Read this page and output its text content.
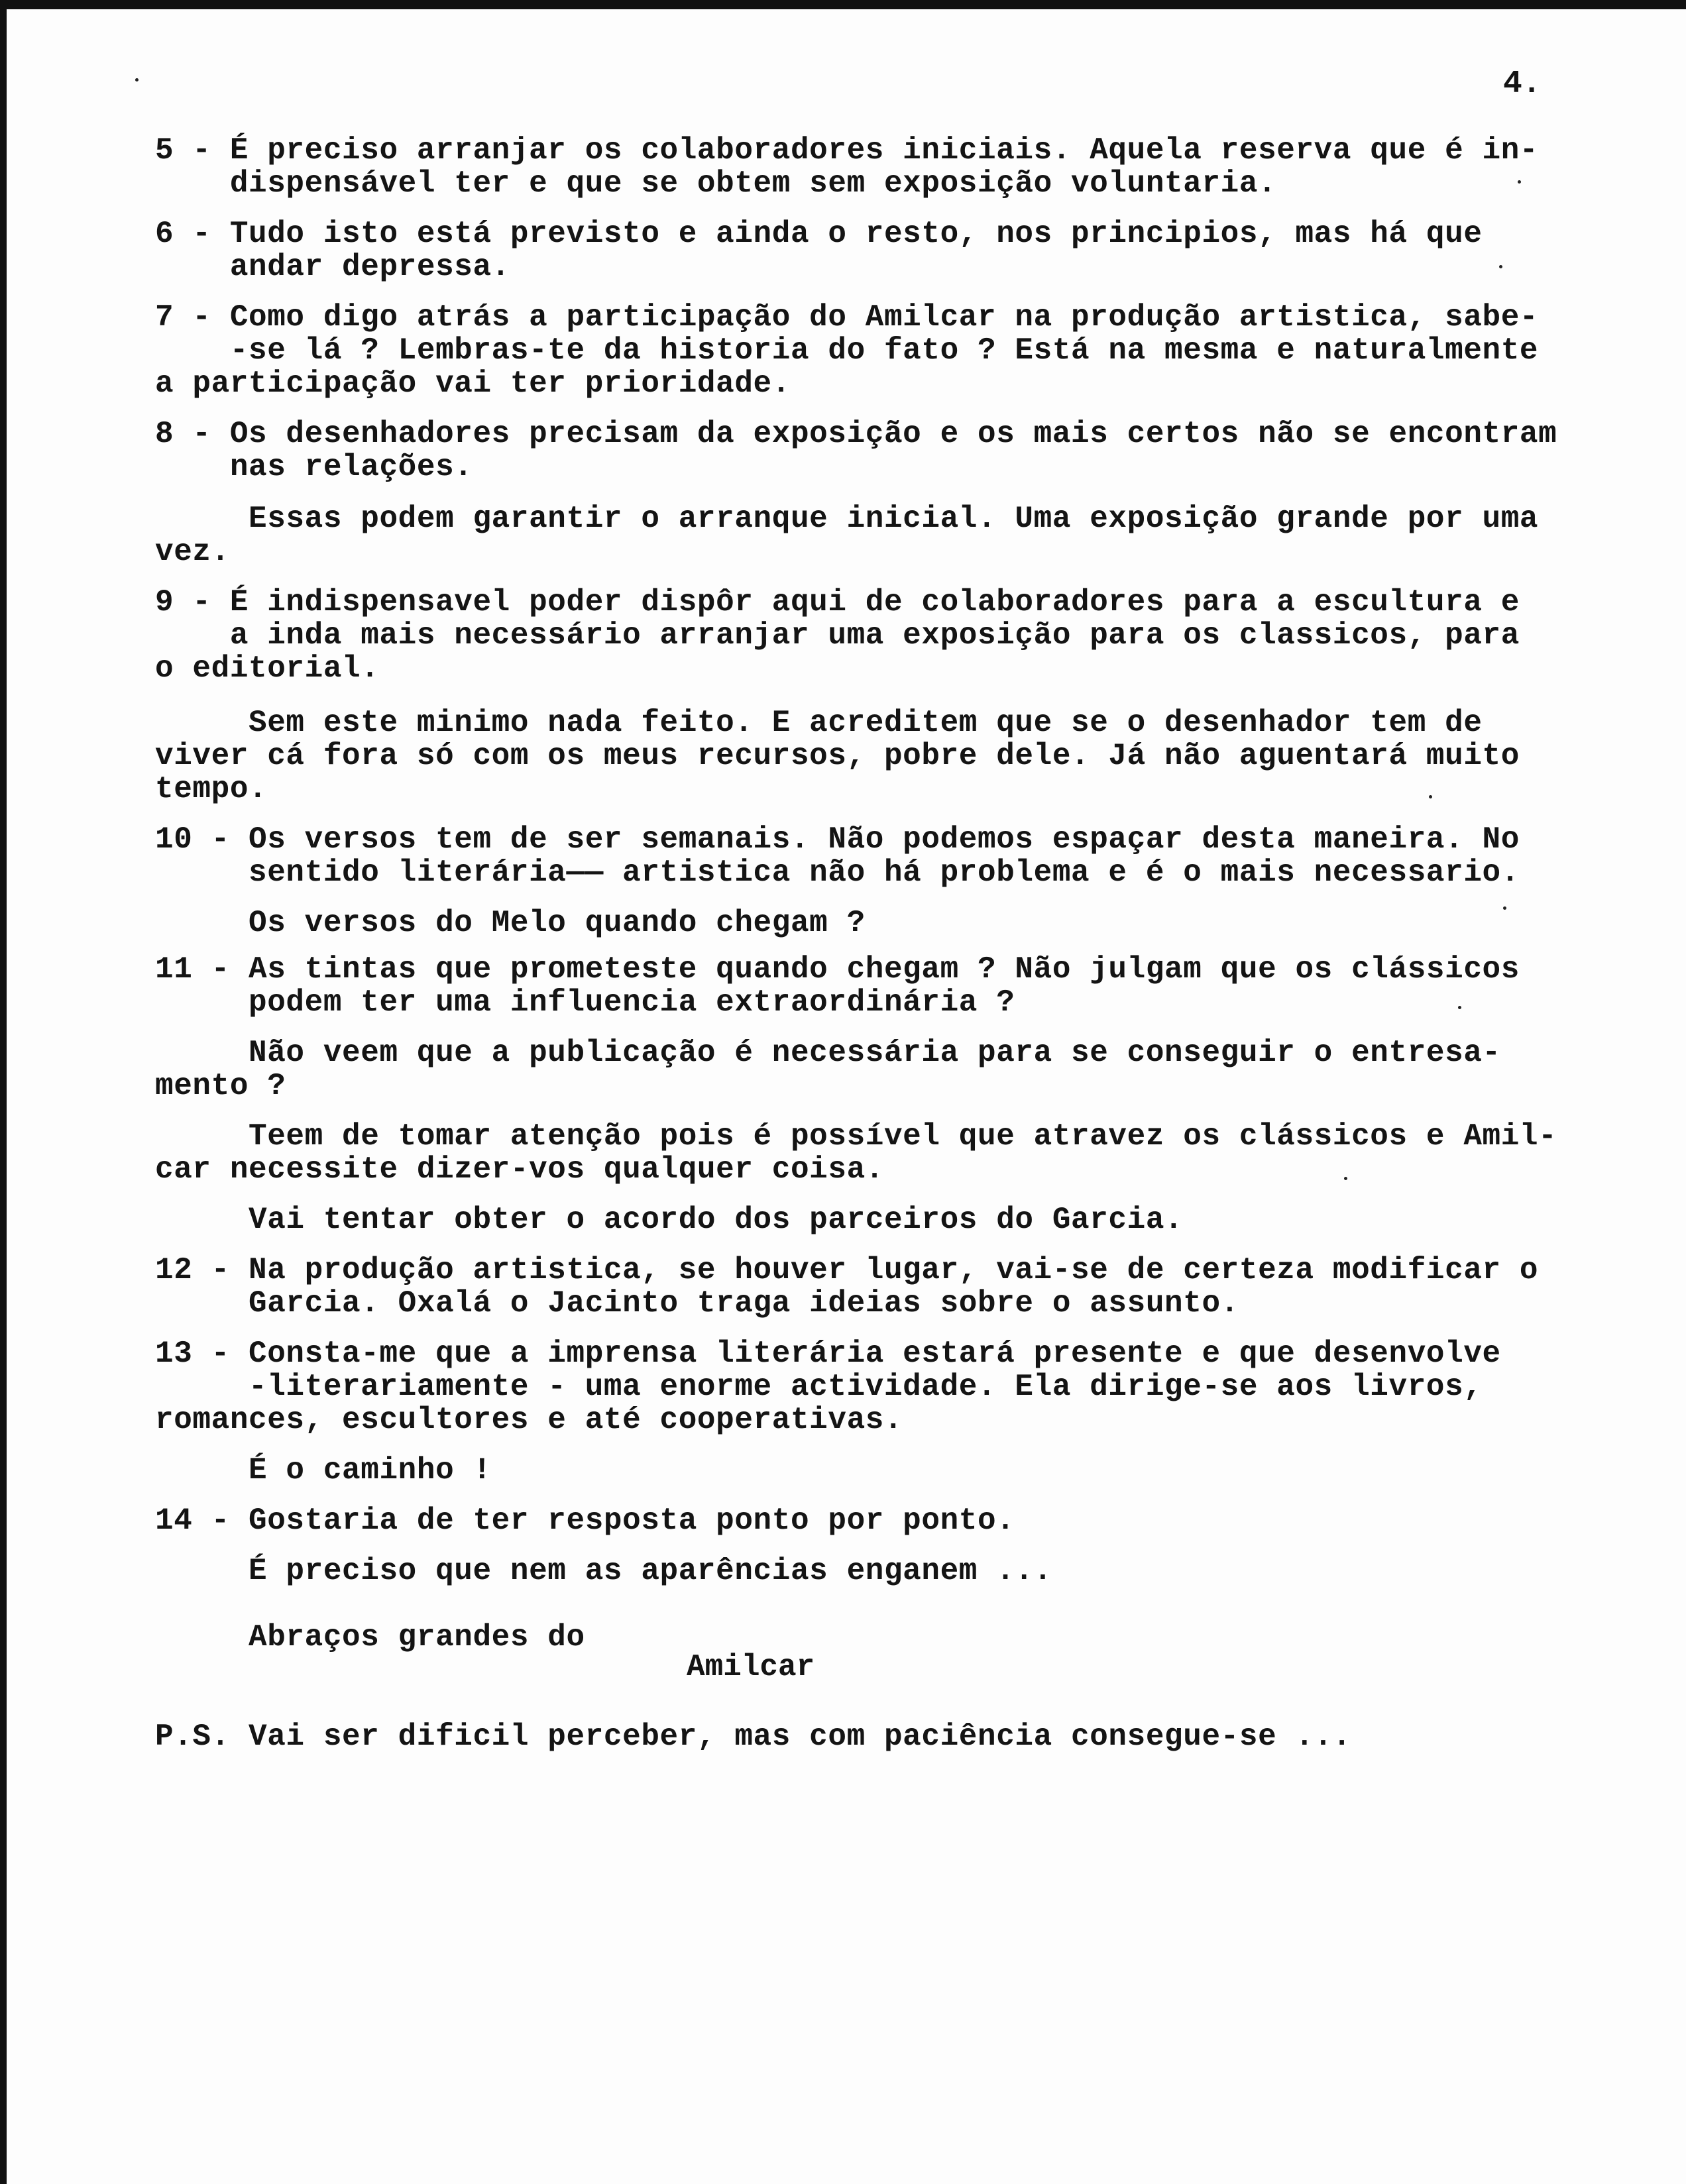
4.
5 - É preciso arranjar os colaboradores iniciais. Aquela reserva que é in-
dispensável ter e que se obtem sem exposição voluntaria.
6 - Tudo isto está previsto e ainda o resto, nos principios, mas há que
andar depressa.
7 - Como digo atrás a participação do Amilcar na produção artistica, sabe-
-se lá ? Lembras-te da historia do fato ? Está na mesma e naturalmente
a participação vai ter prioridade.
8 - Os desenhadores precisam da exposição e os mais certos não se encontram
nas relações.
Essas podem garantir o arranque inicial. Uma exposição grande por uma
vez.
9 - É indispensavel poder dispôr aqui de colaboradores para a escultura e
a inda mais necessário arranjar uma exposição para os classicos, para
o editorial.
Sem este minimo nada feito. E acreditem que se o desenhador tem de
viver cá fora só com os meus recursos, pobre dele. Já não aguentará muito
tempo.
10 - Os versos tem de ser semanais. Não podemos espaçar desta maneira. No
sentido literária—— artistica não há problema e é o mais necessario.
Os versos do Melo quando chegam ?
11 - As tintas que prometeste quando chegam ? Não julgam que os clássicos
podem ter uma influencia extraordinária ?
Não veem que a publicação é necessária para se conseguir o entresa-
mento ?
Teem de tomar atenção pois é possível que atravez os clássicos e Amil-
car necessite dizer-vos qualquer coisa.
Vai tentar obter o acordo dos parceiros do Garcia.
12 - Na produção artistica, se houver lugar, vai-se de certeza modificar o
Garcia. Oxalá o Jacinto traga ideias sobre o assunto.
13 - Consta-me que a imprensa literária estará presente e que desenvolve
-literariamente - uma enorme actividade. Ela dirige-se aos livros,
romances, escultores e até cooperativas.
É o caminho !
14 - Gostaria de ter resposta ponto por ponto.
É preciso que nem as aparências enganem ...
Abraços grandes do
Amilcar
P.S. Vai ser dificil perceber, mas com paciência consegue-se ...
